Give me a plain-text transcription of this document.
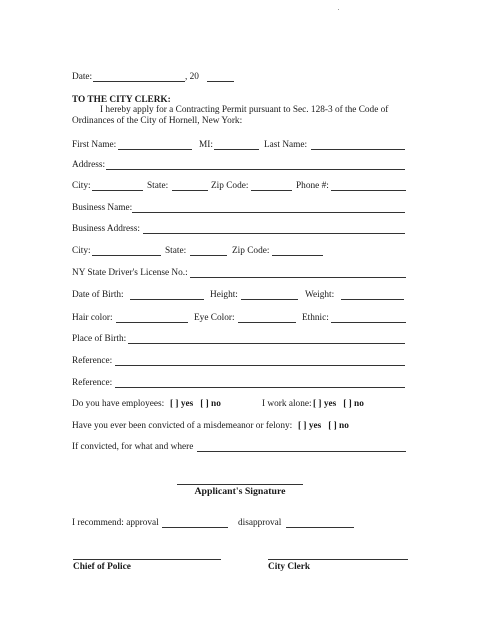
Date:	, 20
TO THE CITY CLERK:
I hereby apply for a Contracting Permit pursuant to Sec. 128-3 of the Code of
Ordinances of the City of Hornell, New York:
First Name:	MI:	Last Name:
Address:
City:	State:	Zip Code:	Phone #:
Business Name:
Business Address:
City:	State:	Zip Code:
NY State Driver's License No.:
Date of Birth:	Height:	Weight:
Hair color:	Eye Color:	Ethnic:
Place of Birth:
Reference:
Reference:
Do you have employees: [ ] yes   [ ] no	I work alone: [ ] yes   [ ] no
Have you ever been convicted of a misdemeanor or felony: [ ] yes   [ ] no
If convicted, for what and where
Applicant's Signature
I recommend: approval	disapproval
Chief of Police	City Clerk
